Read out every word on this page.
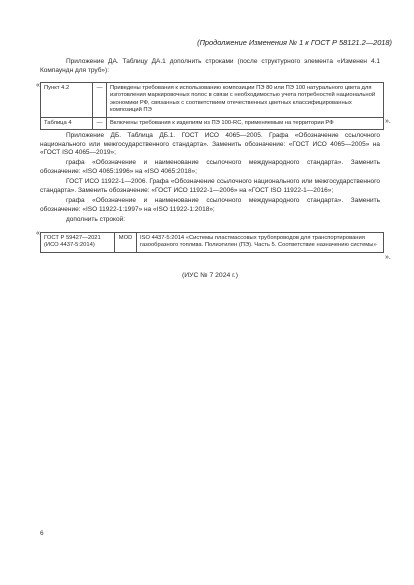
(Продолжение Изменения № 1 к ГОСТ Р 58121.2—2018)
Приложение ДА. Таблицу ДА.1 дополнить строками (после структурного элемента «Изменен 4.1 Компаундн для труб»):
« Пункт 4.2	—	Приведены требования к использованию композиции ПЭ 80 или ПЭ 100 натурального цвета для изготовления маркировочных полос в связи с необходимостью учета потребностей национальной экономики РФ, связанных с соответствием отечественных цветных классифицированных композиций ПЭ
Таблица 4	—	Включены требования к изделиям из ПЭ 100-RC, применяемым на территории РФ	».
Приложение ДБ. Таблица ДБ.1. ГОСТ ИСО 4065—2005. Графа «Обозначение ссылочного национального или межгосударственного стандарта». Заменить обозначение: «ГОСТ ИСО 4065—2005» на «ГОСТ ISO 4065—2019»;
графа «Обозначение и наименование ссылочного международного стандарта». Заменить обозначение: «ISO 4065:1996» на «ISO 4065:2018»;
ГОСТ ИСО 11922-1—2006. Графа «Обозначение ссылочного национального или межгосударственного стандарта». Заменить обозначение: «ГОСТ ИСО 11922-1—2006» на «ГОСТ ISO 11922-1—2016»;
графа «Обозначение и наименование ссылочного международного стандарта». Заменить обозначение: «ISO 11922-1:1997» на «ISO 11922-1:2018»;
дополнить строкой:
«
ГОСТ Р 59427—2021 (ИСО 4437-5:2014)	MOD	ISO 4437-5:2014 «Системы пластмассовых трубопроводов для транспортирования газообразного топлива. Полиэтилен (ПЭ). Часть 5. Соответствие назначению системы»
».
(ИУС № 7 2024 г.)
6
